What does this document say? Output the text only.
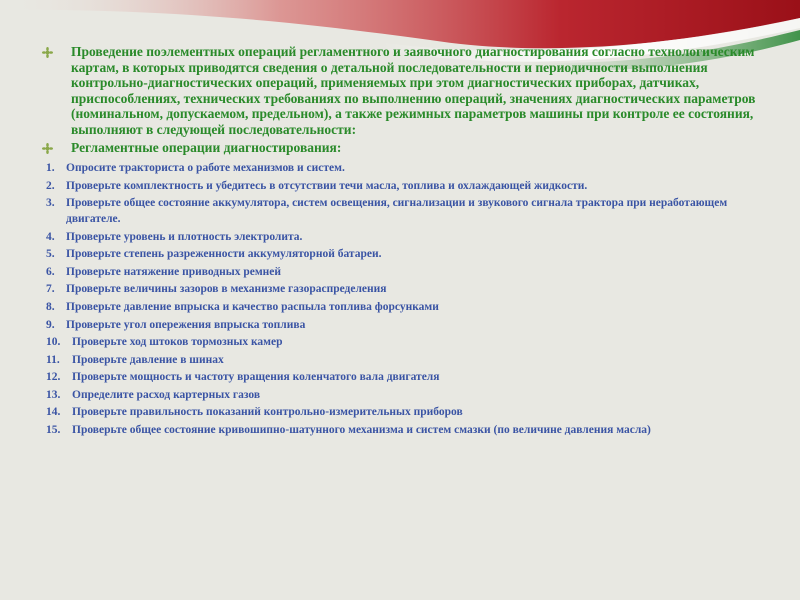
Проведение поэлементных операций регламентного и заявочного диагностирования согласно технологическим картам, в которых приводятся сведения о детальной последовательности и периодичности выполнения контрольно-диагностических операций, применяемых при этом диагностических приборах, датчиках, приспособлениях, технических требованиях по выполнению операций, значениях диагностических параметров (номинальном, допускаемом, предельном), а также режимных параметров машины при контроле ее состояния, выполняют в следующей последовательности:

Регламентные операции диагностирования:

1. Опросите тракториста о работе механизмов и систем.
2. Проверьте комплектность и убедитесь в отсутствии течи масла, топлива и охлаждающей жидкости.
3. Проверьте общее состояние аккумулятора, систем освещения, сигнализации и звукового сигнала трактора при неработающем двигателе.
4. Проверьте уровень и плотность электролита.
5. Проверьте степень разреженности аккумуляторной батареи.
6. Проверьте натяжение приводных ремней
7. Проверьте величины зазоров в механизме газораспределения
8. Проверьте давление впрыска и качество распыла топлива форсунками
9. Проверьте угол опережения впрыска топлива
10. Проверьте ход штоков тормозных камер
11. Проверьте давление в шинах
12. Проверьте мощность и частоту вращения коленчатого вала двигателя
13. Определите расход картерных газов
14. Проверьте правильность показаний контрольно-измерительных приборов
15. Проверьте общее состояние кривошипно-шатунного механизма и систем смазки (по величине давления масла)
